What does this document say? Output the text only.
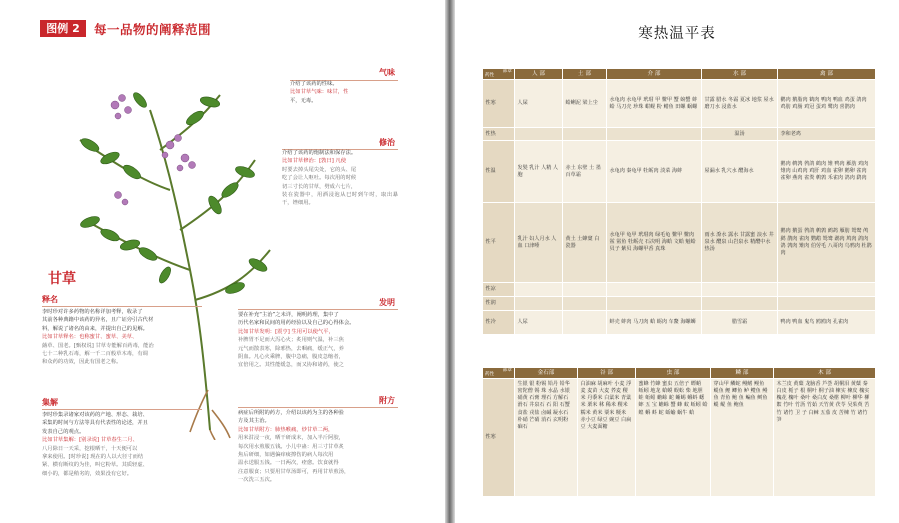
图例 2	每一品物的阐释范围
甘草
气味
介绍了该药的性味。
比如甘草气味：味甘，性
平，无毒。
修治
介绍了该药的炮制法和保存法。
比如甘草修治：[敩曰] 凡使
时要去掉头尾尖处，它的头、尾
吃了会让人呕吐。每次用的时候
切三寸长的甘草，劈成六七片，
装在瓷器中，用酒浸泡从巳时到午时，取出暴干，锉细用。
释名
李时珍对许多药物的名称详加考释，收录了
其前各种典籍中该药的异名，且广证旁引古代材
料，解说了诸名的由来，并提出自己的见解。
比如甘草释名：也称蜜甘、蜜草、美草、
蕗草、国老。[甄权说] 甘草专能解百药毒，能治
七十二种乳石毒，解一千二百般草木毒，有调
和众药的功效，因此有国老之称。
集解
李时珍集录诸家对该药的产地、形态、栽培、
采集的时间与方法等具有代表性的论述，并且
发表自己的观点。
比如甘草集解：[别录说] 甘草春生二月、
八月除日一天采，挖根晒干，十天便可以
拿来使用。[时珍说] 现在的人以大径寸而结
紧、横有断纹的为佳，叫它粉草。其质轻虚、
细小的，都是稍劣的，效果没有它好。
发明
要在补充“主治”之未详，阐明药理，集中了
历代名家和民间的用药经验以及自己的心得体会。
比如甘草发明：[震亨] 生用可以使气平，
补脾胃不足而大泻心火；炙用则气温，补三焦
元气而散表寒，除邪热，去咽痛，缓正气，养
阴血。凡心火乘脾，腹中急痛，腹皮急缩者，
宜倍用之。其性能缓急，而又协和诸药，使之
附方
病症后所附的药方，介绍以该药为主的各种验
方及其主治。
比如甘草附方：肺热喉痛，炒甘草二两，
用米泔浸一夜，晒干研成末，加入半斤阿胶，
每次用水煎服五钱。小儿中蛊：用三寸甘草炙
焦后研细，如遇偏痒痰擦伤的病人每次用
温水送服五钱。一日两次，痊愈。饮食就得
注意服食；只要用甘草汤即可，再用甘草煎汤，
一次洗三五次。
寒热温平表
部章
药性	人 部	土 部	介 部	水 部	禽 部
性寒	人屎	蛤蜊泥 梁上尘	水龟肉 水龟甲 玳瑁 甲 鳖甲 蟹 螃蟹 蚌 蛤 马刀壳 珍珠 蚶蚬 粉 鳝鱼 田螺 蜗螺	甘露 腊水 冬霜 夏冰 地浆 屋水 磨刀水 浸蓝水	鹳肉 鹅脂肉 鹤肉 鸭肉 鸭血 鸡蛋 鸽肉 鸡肪 鸡肠 鸡冠 蛋鸡 鹭肉 喜鹊肉
性热				温汤	李和老鸡
性温	发髪 乳汁 人精 人胞	赤土 东壁 土 墨 百草霜	水龟肉 秦龟甲 牡蛎肉 淡菜 海蚌	屋漏水 乳穴水 醴海水	鹅肉 鹌鹑 鹁鸽 鹤肉 雉 鸭肉 雁肪 鸡肉 雉肉 山鸡肉 鸡肝 鸡血 雀卵 鹅卵 雀肉 雀卵 燕肉 雀粪 鹌鹑 禾雀肉 鸽肉 鹞肉
性平	乳汁 妇人月水 人血 口津唾	黄土 土蜂窠 白瓷器	水龟甲 龟甲 玳瑁肉 绿毛龟 鳖甲 鳖肉 鲎 鲎鱼 牡蛎壳 石决明 海蛤 文蛤 魁蛤 贝子 紫贝 海螺甲香 真珠	雨水 潦水 露水 甘露蜜 浪水 井泉水 醴泉 山岩泉水 精醴中水 热汤	鹅肉 鹅蛋 鹁鸽 鹌鹑 鹧鸪 雁肪 鸳鸯 鸬鹚 鹊肉 雀肉 鹦鹉 鸳鸯 鹬肉 鸠肉 鸽肉 鸽 鹑肉 雉肉 伯劳毛 八哥肉 乌鸦肉 杜鹃肉
性凉					
性润					
性冷	人尿		蚌壳 蚌肉 马刀肉 蛤 蛎肉 车鳌 海螺蛳	腊雪霜	鸭肉 鸭血 鬼鸟 鸥鸥肉 孔雀肉
部章
药性	金石部	谷 部	虫 部	鳞 部	木 部
性寒	生银 银 粉锡 铅丹 铅华 密陀僧 锡 珠 水晶 水银 硝黄 石膏 理石 方解石 滑石 井泉石 石 阳 石蟹 食盐 戎盐 卤碱 凝水石 朴硝 芒硝 消石 玄明粉 硇石	白油麻 胡麻叶 小麦 浮麦 麦苗 大麦 荞麦 稷米 丹黍米 白粱米 青粱 米 栗米 秫 稀米 稷米 糯米 黄米 粟米 粳米 赤小豆 绿豆 豌豆 白扁豆 大麦面糖	蜜蜂 竹蜂 蜜虫 五倍子 螵蛸 蚯蚓 地龙 蛤蟆 蜈蚣 柴 地胆 蛙 蚯蚓 蟾蜍 蛇 蜥蜴 蝌蚪 蟋蟀 五 宝 蟾蜍 蟹 蜂 蚁 蚯蚓 蛤 蝗 蝌 蚪 蛇 蛞蝓 蜗牛 蛤	穿山甲 鳞蛇 鳗鳝 鳗鱼 鳀鱼 鲤 鲫鱼 鲈 鳢鱼 鳗鱼 青鱼 鲍 鱼 鳊鱼 鲥鱼 鳀 鳀 鱼 鲍鱼	木兰皮 黄蘖 龙脑香 芦荟 胡桐泪 黄蘖 秦白皮 栀子 根 桐叶 桐子油 楝实 楝皮 槐实 槐花 槐叶 桑叶 桑白皮 桑椹 柳叶 柳华 柳絮 竹叶 竹沥 竹茹 天竹黄 茯苓 吴茱萸 苦竹 诸竹 卫 子 白棘 五茄 皮 苦楝 竹 诸竹 笋
